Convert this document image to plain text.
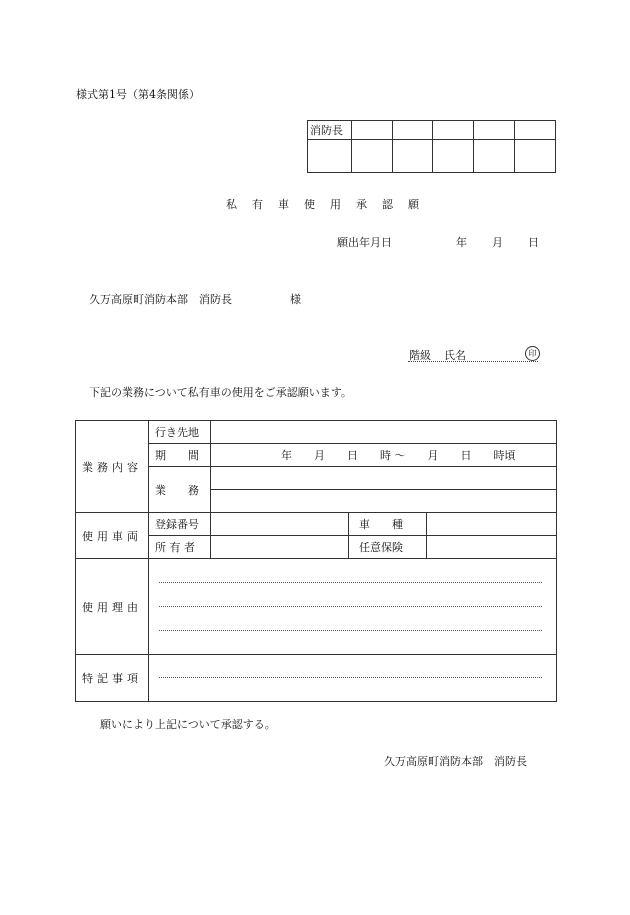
様式第1号（第4条関係）
消防長					

私　有　車　使　用　承　認　願
願出年月日	年 月 日
久万高原町消防本部　消防長	様
階級 氏名	印
下記の業務について私有車の使用をご承認願います。
業務内容	行き先地			
	期　　間	年　　月　　日　　時 ～　　月　　日　　時頃		
	業　　務			

使用車両	登録番号		車　　種	
	所 有 者		任意保険	
使用理由				

特記事項				
願いにより上記について承認する。
久万高原町消防本部　消防長
